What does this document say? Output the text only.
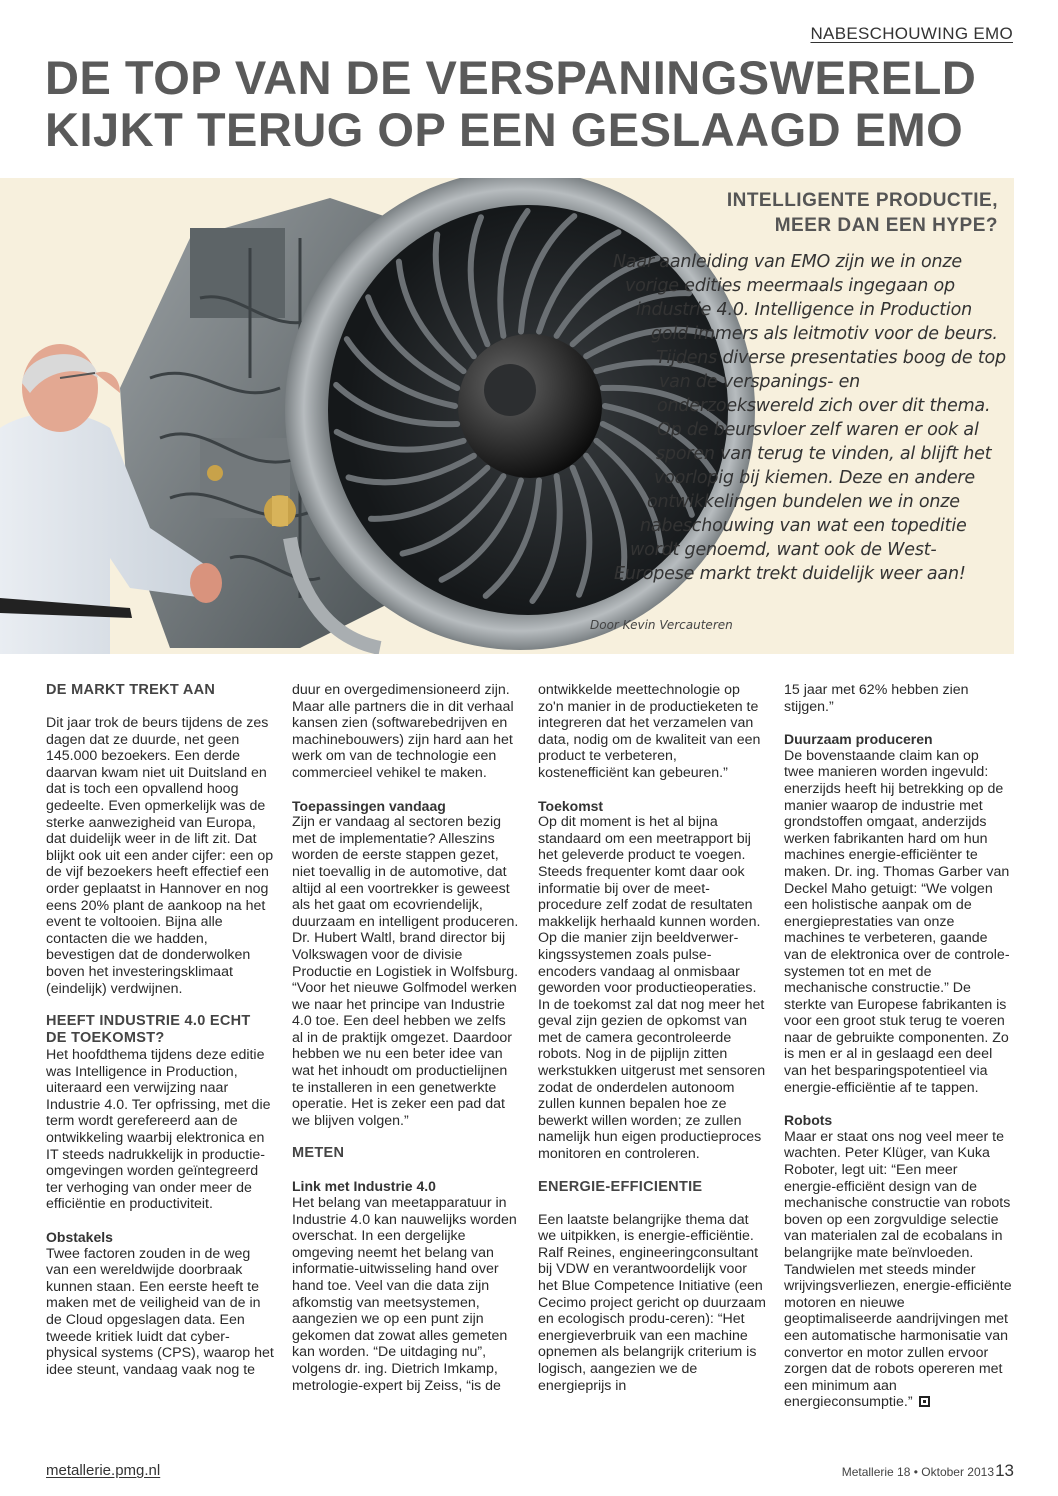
NABESCHOUWING EMO
DE TOP VAN DE VERSPANINGSWERELD
KIJKT TERUG OP EEN GESLAAGD EMO
INTELLIGENTE PRODUCTIE,
MEER DAN EEN HYPE?
Naar aanleiding van EMO zijn we in onze
vorige edities meermaals ingegaan op
industrie 4.0. Intelligence in Production
gold immers als leitmotiv voor de beurs.
Tijdens diverse presentaties boog de top
van de verspanings- en
onderzoekswereld zich over dit thema.
Op de beursvloer zelf waren er ook al
sporen van terug te vinden, al blijft het
voorlopig bij kiemen. Deze en andere
ontwikkelingen bundelen we in onze
nabeschouwing van wat een topeditie
wordt genoemd, want ook de West-
Europese markt trekt duidelijk weer aan!
Door Kevin Vercauteren

DE MARKT TREKT AAN

Dit jaar trok de beurs tijdens de zes dagen dat ze duurde, net geen 145.000 bezoekers. Een derde daarvan kwam niet uit Duitsland en dat is toch een opvallend hoog gedeelte. Even opmerkelijk was de sterke aanwezigheid van Europa, dat duidelijk weer in de lift zit. Dat blijkt ook uit een ander cijfer: een op de vijf bezoekers heeft effectief een order geplaatst in Hannover en nog eens 20% plant de aankoop na het event te voltooien. Bijna alle contacten die we hadden, bevestigen dat de donderwolken boven het investeringsklimaat (eindelijk) verdwijnen.

HEEFT INDUSTRIE 4.0 ECHT DE TOEKOMST?

Het hoofdthema tijdens deze editie was Intelligence in Production, uiteraard een verwijzing naar Industrie 4.0. Ter opfrissing, met die term wordt gerefereerd aan de ontwikkeling waarbij elektronica en IT steeds nadrukkelijk in productie-omgevingen worden geïntegreerd ter verhoging van onder meer de efficiëntie en productiviteit.

Obstakels

Twee factoren zouden in de weg van een wereldwijde doorbraak kunnen staan. Een eerste heeft te maken met de veiligheid van de in de Cloud opgeslagen data. Een tweede kritiek luidt dat cyber-physical systems (CPS), waarop het idee steunt, vandaag vaak nog te

duur en overgedimensioneerd zijn. Maar alle partners die in dit verhaal kansen zien (softwarebedrijven en machinebouwers) zijn hard aan het werk om van de technologie een commercieel vehikel te maken.

Toepassingen vandaag

Zijn er vandaag al sectoren bezig met de implementatie? Alleszins worden de eerste stappen gezet, niet toevallig in de automotive, dat altijd al een voortrekker is geweest als het gaat om ecovriendelijk, duurzaam en intelligent produceren. Dr. Hubert Waltl, brand director bij Volkswagen voor de divisie Productie en Logistiek in Wolfsburg. “Voor het nieuwe Golfmodel werken we naar het principe van Industrie 4.0 toe. Een deel hebben we zelfs al in de praktijk omgezet. Daardoor hebben we nu een beter idee van wat het inhoudt om productielijnen te installeren in een genetwerkte operatie. Het is zeker een pad dat we blijven volgen.”

METEN

Link met Industrie 4.0

Het belang van meetapparatuur in Industrie 4.0 kan nauwelijks worden overschat. In een dergelijke omgeving neemt het belang van informatie-uitwisseling hand over hand toe. Veel van die data zijn afkomstig van meetsystemen, aangezien we op een punt zijn gekomen dat zowat alles gemeten kan worden. “De uitdaging nu”, volgens dr. ing. Dietrich Imkamp, metrologie-expert bij Zeiss, “is de

ontwikkelde meettechnologie op zo'n manier in de productieketen te integreren dat het verzamelen van data, nodig om de kwaliteit van een product te verbeteren, kostenefficiënt kan gebeuren.”

Toekomst

Op dit moment is het al bijna standaard om een meetrapport bij het geleverde product te voegen. Steeds frequenter komt daar ook informatie bij over de meet-procedure zelf zodat de resultaten makkelijk herhaald kunnen worden. Op die manier zijn beeldverwer-kingssystemen zoals pulse-encoders vandaag al onmisbaar geworden voor productieoperaties. In de toekomst zal dat nog meer het geval zijn gezien de opkomst van met de camera gecontroleerde robots. Nog in de pijplijn zitten werkstukken uitgerust met sensoren zodat de onderdelen autonoom zullen kunnen bepalen hoe ze bewerkt willen worden; ze zullen namelijk hun eigen productieproces monitoren en controleren.

ENERGIE-EFFICIENTIE

Een laatste belangrijke thema dat we uitpikken, is energie-efficiëntie. Ralf Reines, engineeringconsultant bij VDW en verantwoordelijk voor het Blue Competence Initiative (een Cecimo project gericht op duurzaam en ecologisch produ-ceren): “Het energieverbruik van een machine opnemen als belangrijk criterium is logisch, aangezien we de energieprijs in

15 jaar met 62% hebben zien stijgen.”

Duurzaam produceren

De bovenstaande claim kan op twee manieren worden ingevuld: enerzijds heeft hij betrekking op de manier waarop de industrie met grondstoffen omgaat, anderzijds werken fabrikanten hard om hun machines energie-efficiënter te maken. Dr. ing. Thomas Garber van Deckel Maho getuigt: “We volgen een holistische aanpak om de energieprestaties van onze machines te verbeteren, gaande van de elektronica over de controle-systemen tot en met de mechanische constructie.” De sterkte van Europese fabrikanten is voor een groot stuk terug te voeren naar de gebruikte componenten. Zo is men er al in geslaagd een deel van het besparingspotentieel via energie-efficiëntie af te tappen.

Robots

Maar er staat ons nog veel meer te wachten. Peter Klüger, van Kuka Roboter, legt uit: “Een meer energie-efficiënt design van de mechanische constructie van robots boven op een zorgvuldige selectie van materialen zal de ecobalans in belangrijke mate beïnvloeden. Tandwielen met steeds minder wrijvingsverliezen, energie-efficiënte motoren en nieuwe geoptimaliseerde aandrijvingen met een automatische harmonisatie van convertor en motor zullen ervoor zorgen dat de robots opereren met een minimum aan energieconsumptie.”

metallerie.pmg.nl	Metallerie 18 • Oktober 2013 13
